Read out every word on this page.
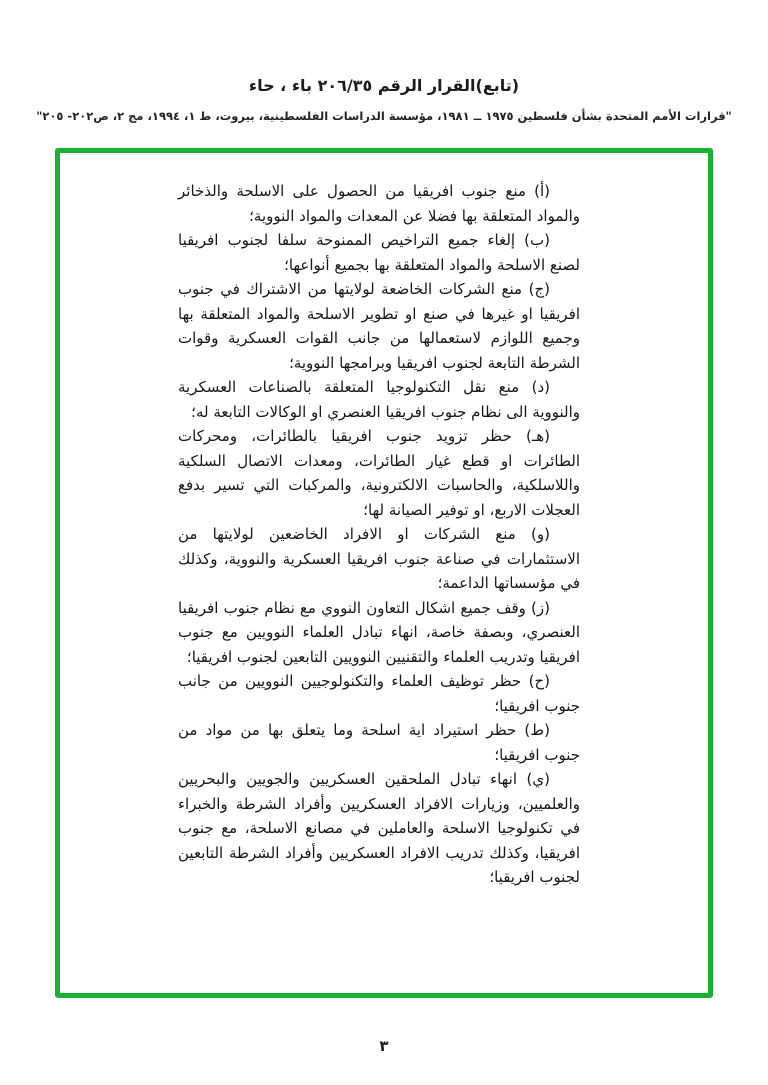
(تابع)القرار الرقم ٢٠٦/٣٥ باء ، حاء
"قرارات الأمم المتحدة بشأن فلسطين ١٩٧٥ ــ ١٩٨١، مؤسسة الدراسات الفلسطينية، بيروت، ط ١، ١٩٩٤، مج ٢، ص٢٠٢- ٢٠٥"

(أ) منع جنوب افريقيا من الحصول على الاسلحة والذخائر والمواد المتعلقة بها فضلا عن المعدات والمواد النووية؛

(ب) إلغاء جميع التراخيص الممنوحة سلفا لجنوب افريقيا لصنع الاسلحة والمواد المتعلقة بها بجميع أنواعها؛

(ج) منع الشركات الخاضعة لولايتها من الاشتراك في جنوب افريقيا او غيرها في صنع او تطوير الاسلحة والمواد المتعلقة بها وجميع اللوازم لاستعمالها من جانب القوات العسكرية وقوات الشرطة التابعة لجنوب افريقيا وبرامجها النووية؛

(د) منع نقل التكنولوجيا المتعلقة بالصناعات العسكرية والنووية الى نظام جنوب افريقيا العنصري او الوكالات التابعة له؛

(هـ) حظر تزويد جنوب افريقيا بالطائرات، ومحركات الطائرات او قطع غيار الطائرات، ومعدات الاتصال السلكية واللاسلكية، والحاسبات الالكترونية، والمركبات التي تسير بدفع العجلات الاربع، او توفير الصيانة لها؛

(و) منع الشركات او الافراد الخاضعين لولايتها من الاستثمارات في صناعة جنوب افريقيا العسكرية والنووية، وكذلك في مؤسساتها الداعمة؛

(ز) وقف جميع اشكال التعاون النووي مع نظام جنوب افريقيا العنصري، وبصفة خاصة، انهاء تبادل العلماء النوويين مع جنوب افريقيا وتدريب العلماء والتقنيين النوويين التابعين لجنوب افريقيا؛

(ح) حظر توظيف العلماء والتكنولوجيين النوويين من جانب جنوب افريقيا؛

(ط) حظر استيراد اية اسلحة وما يتعلق بها من مواد من جنوب افريقيا؛

(ي) انهاء تبادل الملحقين العسكريين والجويين والبحريين والعلميين، وزيارات الافراد العسكريين وأفراد الشرطة والخبراء في تكنولوجيا الاسلحة والعاملين في مصانع الاسلحة، مع جنوب افريقيا، وكذلك تدريب الافراد العسكريين وأفراد الشرطة التابعين لجنوب افريقيا؛

٣
